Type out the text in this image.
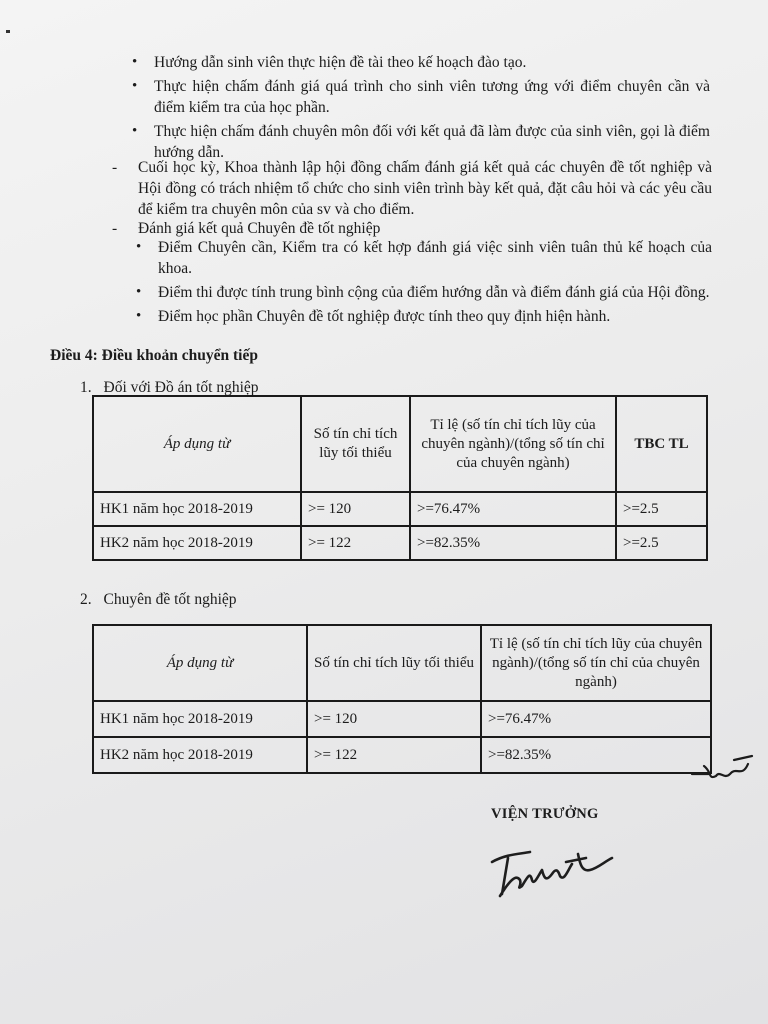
• Hướng dẫn sinh viên thực hiện đề tài theo kế hoạch đào tạo.
• Thực hiện chấm đánh giá quá trình cho sinh viên tương ứng với điểm chuyên cần và điểm kiểm tra của học phần.
• Thực hiện chấm đánh chuyên môn đối với kết quả đã làm được của sinh viên, gọi là điểm hướng dẫn.
-	Cuối học kỳ, Khoa thành lập hội đồng chấm đánh giá kết quả các chuyên đề tốt nghiệp và Hội đồng có trách nhiệm tổ chức cho sinh viên trình bày kết quả, đặt câu hỏi và các yêu cầu để kiểm tra chuyên môn của sv và cho điểm.
-	Đánh giá kết quả Chuyên đề tốt nghiệp
• Điểm Chuyên cần, Kiểm tra có kết hợp đánh giá việc sinh viên tuân thủ kế hoạch của khoa.
• Điểm thi được tính trung bình cộng của điểm hướng dẫn và điểm đánh giá của Hội đồng.
• Điểm học phần Chuyên đề tốt nghiệp được tính theo quy định hiện hành.
Điều 4: Điều khoản chuyển tiếp
1. Đối với Đồ án tốt nghiệp
Áp dụng từ	Số tín chỉ tích lũy tối thiểu	Tỉ lệ (số tín chỉ tích lũy của chuyên ngành)/(tổng số tín chỉ của chuyên ngành)	TBC TL
HK1 năm học 2018-2019	>= 120	>=76.47%	>=2.5
HK2 năm học 2018-2019	>= 122	>=82.35%	>=2.5
2. Chuyên đề tốt nghiệp
Áp dụng từ	Số tín chỉ tích lũy tối thiểu	Tỉ lệ (số tín chỉ tích lũy của chuyên ngành)/(tổng số tín chỉ của chuyên ngành)
HK1 năm học 2018-2019	>= 120	>=76.47%
HK2 năm học 2018-2019	>= 122	>=82.35%
VIỆN TRƯỞNG
